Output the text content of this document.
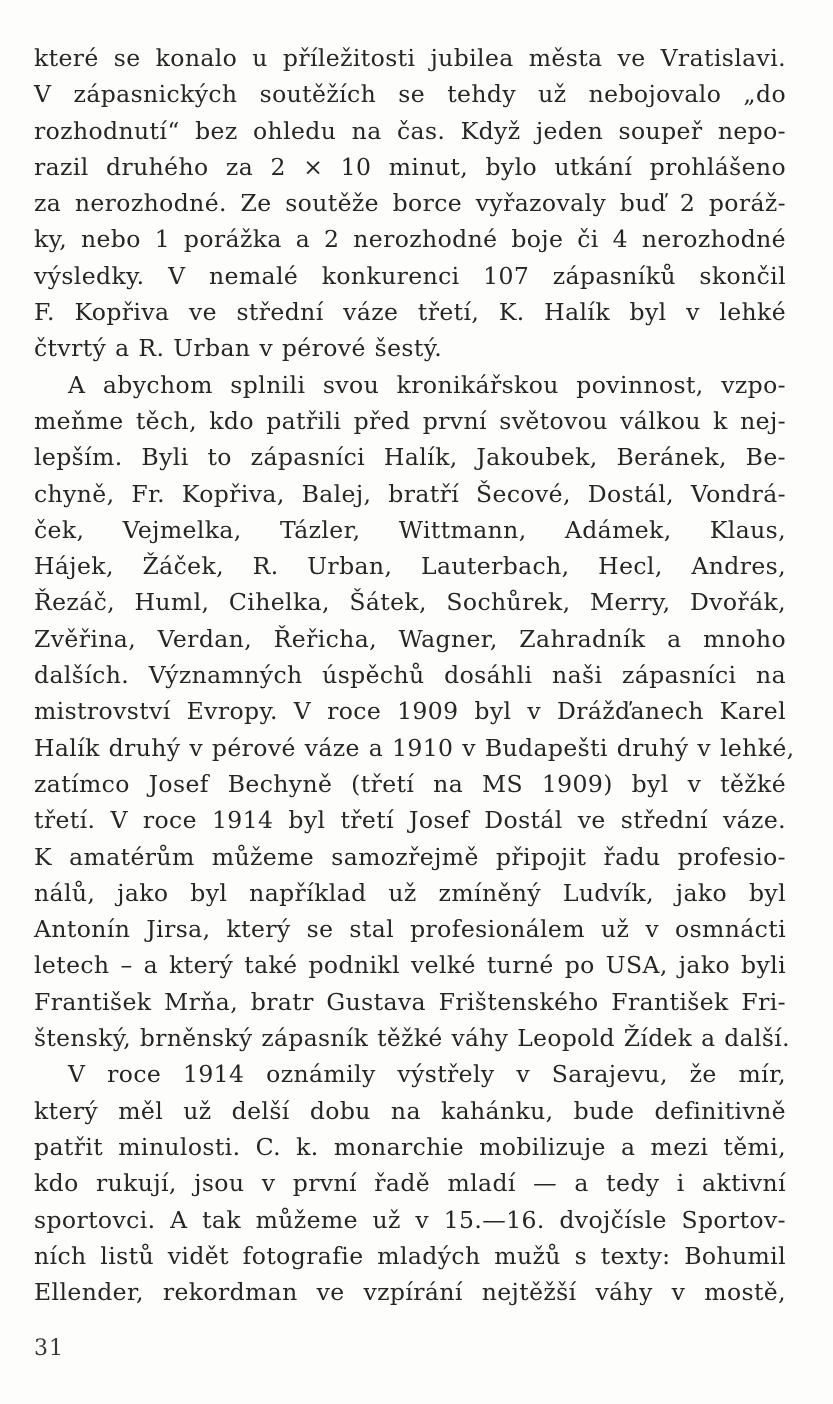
které se konalo u příležitosti jubilea města ve Vratislavi.
V zápasnických soutěžích se tehdy už nebojovalo „do
rozhodnutí“ bez ohledu na čas. Když jeden soupeř nepo-
razil druhého za 2 × 10 minut, bylo utkání prohlášeno
za nerozhodné. Ze soutěže borce vyřazovaly buď 2 poráž-
ky, nebo 1 porážka a 2 nerozhodné boje či 4 nerozhodné
výsledky. V nemalé konkurenci 107 zápasníků skončil
F. Kopřiva ve střední váze třetí, K. Halík byl v lehké
čtvrtý a R. Urban v pérové šestý.
A abychom splnili svou kronikářskou povinnost, vzpo-
meňme těch, kdo patřili před první světovou válkou k nej-
lepším. Byli to zápasníci Halík, Jakoubek, Beránek, Be-
chyně, Fr. Kopřiva, Balej, bratří Šecové, Dostál, Vondrá-
ček, Vejmelka, Tázler, Wittmann, Adámek, Klaus,
Hájek, Žáček, R. Urban, Lauterbach, Hecl, Andres,
Řezáč, Huml, Cihelka, Šátek, Sochůrek, Merry, Dvořák,
Zvěřina, Verdan, Řeřicha, Wagner, Zahradník a mnoho
dalších. Významných úspěchů dosáhli naši zápasníci na
mistrovství Evropy. V roce 1909 byl v Drážďanech Karel
Halík druhý v pérové váze a 1910 v Budapešti druhý v lehké,
zatímco Josef Bechyně (třetí na MS 1909) byl v těžké
třetí. V roce 1914 byl třetí Josef Dostál ve střední váze.
K amatérům můžeme samozřejmě připojit řadu profesio-
nálů, jako byl například už zmíněný Ludvík, jako byl
Antonín Jirsa, který se stal profesionálem už v osmnácti
letech – a který také podnikl velké turné po USA, jako byli
František Mrňa, bratr Gustava Frištenského František Fri-
štenský, brněnský zápasník těžké váhy Leopold Žídek a další.
V roce 1914 oznámily výstřely v Sarajevu, že mír,
který měl už delší dobu na kahánku, bude definitivně
patřit minulosti. C. k. monarchie mobilizuje a mezi těmi,
kdo rukují, jsou v první řadě mladí — a tedy i aktivní
sportovci. A tak můžeme už v 15.—16. dvojčísle Sportov-
ních listů vidět fotografie mladých mužů s texty: Bohumil
Ellender, rekordman ve vzpírání nejtěžší váhy v mostě,
31
